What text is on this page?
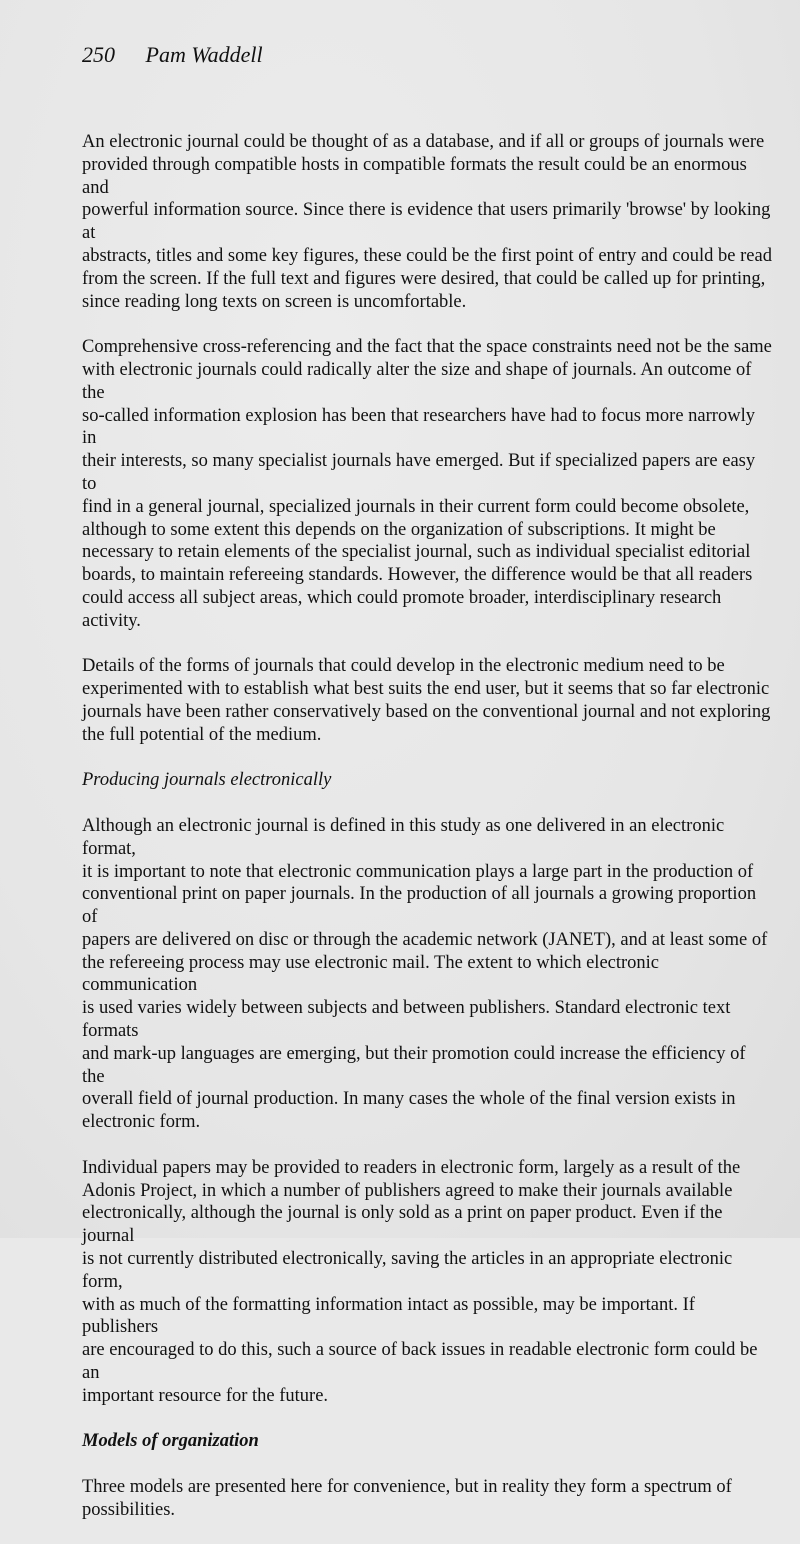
250 Pam Waddell

An electronic journal could be thought of as a database, and if all or groups of journals were
provided through compatible hosts in compatible formats the result could be an enormous and
powerful information source. Since there is evidence that users primarily 'browse' by looking at
abstracts, titles and some key figures, these could be the first point of entry and could be read
from the screen. If the full text and figures were desired, that could be called up for printing,
since reading long texts on screen is uncomfortable.

Comprehensive cross-referencing and the fact that the space constraints need not be the same
with electronic journals could radically alter the size and shape of journals. An outcome of the
so-called information explosion has been that researchers have had to focus more narrowly in
their interests, so many specialist journals have emerged. But if specialized papers are easy to
find in a general journal, specialized journals in their current form could become obsolete,
although to some extent this depends on the organization of subscriptions. It might be
necessary to retain elements of the specialist journal, such as individual specialist editorial
boards, to maintain refereeing standards. However, the difference would be that all readers
could access all subject areas, which could promote broader, interdisciplinary research activity.

Details of the forms of journals that could develop in the electronic medium need to be
experimented with to establish what best suits the end user, but it seems that so far electronic
journals have been rather conservatively based on the conventional journal and not exploring
the full potential of the medium.

Producing journals electronically

Although an electronic journal is defined in this study as one delivered in an electronic format,
it is important to note that electronic communication plays a large part in the production of
conventional print on paper journals. In the production of all journals a growing proportion of
papers are delivered on disc or through the academic network (JANET), and at least some of
the refereeing process may use electronic mail. The extent to which electronic communication
is used varies widely between subjects and between publishers. Standard electronic text formats
and mark-up languages are emerging, but their promotion could increase the efficiency of the
overall field of journal production. In many cases the whole of the final version exists in
electronic form.

Individual papers may be provided to readers in electronic form, largely as a result of the
Adonis Project, in which a number of publishers agreed to make their journals available
electronically, although the journal is only sold as a print on paper product. Even if the journal
is not currently distributed electronically, saving the articles in an appropriate electronic form,
with as much of the formatting information intact as possible, may be important. If publishers
are encouraged to do this, such a source of back issues in readable electronic form could be an
important resource for the future.

Models of organization

Three models are presented here for convenience, but in reality they form a spectrum of
possibilities.
